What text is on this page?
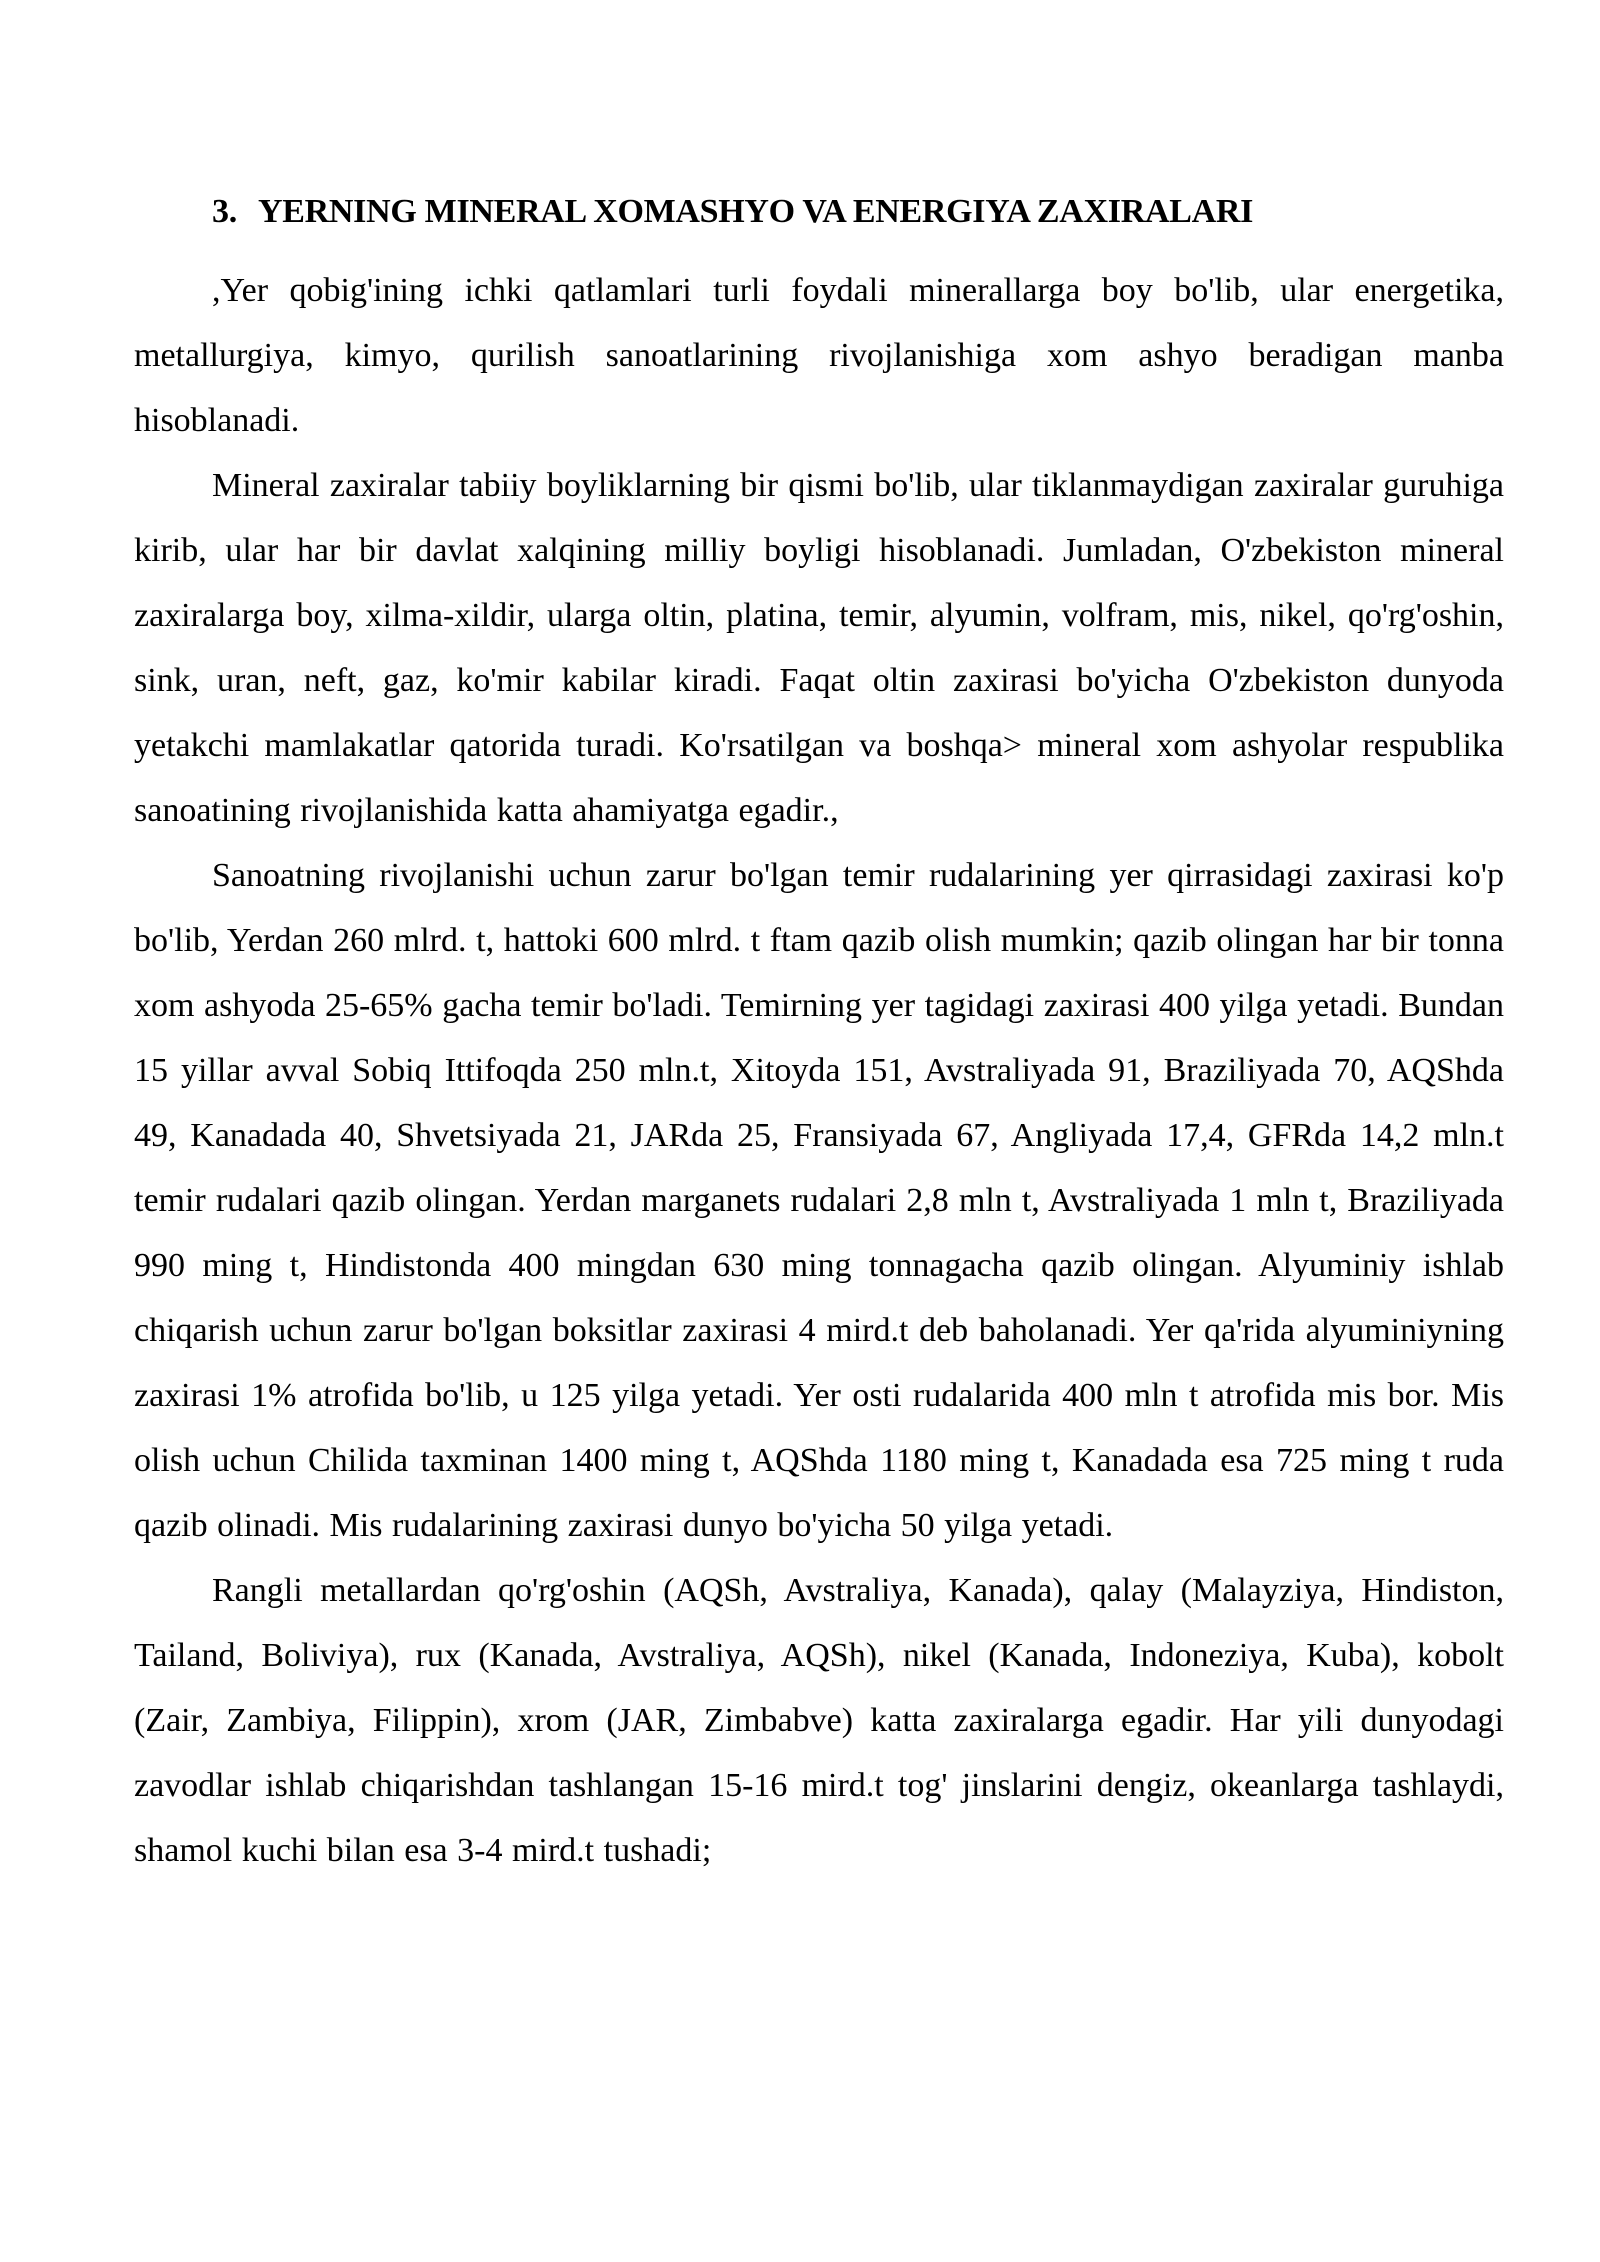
3. YERNING MINERAL XOMASHYO VA ENERGIYA ZAXIRALARI

,Yer qobig'ining ichki qatlamlari turli foydali minerallarga boy bo'lib, ular energetika, metallurgiya, kimyo, qurilish sanoatlarining rivojlanishiga xom ashyo beradigan manba hisoblanadi.

Mineral zaxiralar tabiiy boyliklarning bir qismi bo'lib, ular tiklanmaydigan zaxiralar guruhiga kirib, ular har bir davlat xalqining milliy boyligi hisoblanadi. Jumladan, O'zbekiston mineral zaxiralarga boy, xilma-xildir, ularga oltin, platina, temir, alyumin, volfram, mis, nikel, qo'rg'oshin, sink, uran, neft, gaz, ko'mir kabilar kiradi. Faqat oltin zaxirasi bo'yicha O'zbekiston dunyoda yetakchi mamlakatlar qatorida turadi. Ko'rsatilgan va boshqa> mineral xom ashyolar respublika sanoatining rivojlanishida katta ahamiyatga egadir.,

Sanoatning rivojlanishi uchun zarur bo'lgan temir rudalarining yer qirrasidagi zaxirasi ko'p bo'lib, Yerdan 260 mlrd. t, hattoki 600 mlrd. t ftam qazib olish mumkin; qazib olingan har bir tonna xom ashyoda 25-65% gacha temir bo'ladi. Temirning yer tagidagi zaxirasi 400 yilga yetadi. Bundan 15 yillar avval Sobiq Ittifoqda 250 mln.t, Xitoyda 151, Avstraliyada 91, Braziliyada 70, AQShda 49, Kanadada 40, Shvetsiyada 21, JARda 25, Fransiyada 67, Angliyada 17,4, GFRda 14,2 mln.t temir rudalari qazib olingan. Yerdan marganets rudalari 2,8 mln t, Avstraliyada 1 mln t, Braziliyada 990 ming t, Hindistonda 400 mingdan 630 ming tonnagacha qazib olingan. Alyuminiy ishlab chiqarish uchun zarur bo'lgan boksitlar zaxirasi 4 mird.t deb baholanadi. Yer qa'rida alyuminiyning zaxirasi 1% atrofida bo'lib, u 125 yilga yetadi. Yer osti rudalarida 400 mln t atrofida mis bor. Mis olish uchun Chilida taxminan 1400 ming t, AQShda 1180 ming t, Kanadada esa 725 ming t ruda qazib olinadi. Mis rudalarining zaxirasi dunyo bo'yicha 50 yilga yetadi.

Rangli metallardan qo'rg'oshin (AQSh, Avstraliya, Kanada), qalay (Malayziya, Hindiston, Tailand, Boliviya), rux (Kanada, Avstraliya, AQSh), nikel (Kanada, Indoneziya, Kuba), kobolt (Zair, Zambiya, Filippin), xrom (JAR, Zimbabve) katta zaxiralarga egadir. Har yili dunyodagi zavodlar ishlab chiqarishdan tashlangan 15-16 mird.t tog' jinslarini dengiz, okeanlarga tashlaydi, shamol kuchi bilan esa 3-4 mird.t tushadi;
